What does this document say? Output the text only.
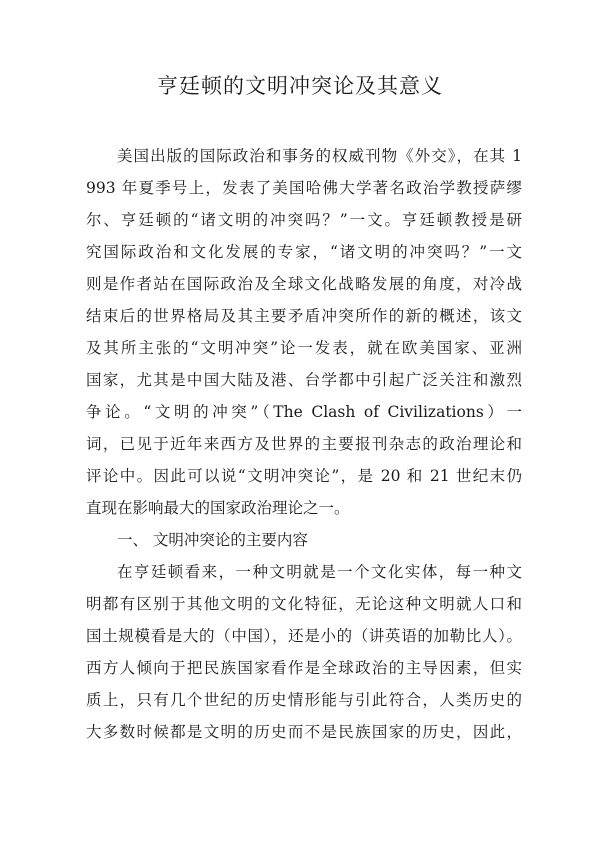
亨廷顿的文明冲突论及其意义
美国出版的国际政治和事务的权威刊物《外交》，在其 1
993 年夏季号上，发表了美国哈佛大学著名政治学教授萨缪
尔、亨廷顿的“诸文明的冲突吗？”一文。亨廷顿教授是研
究国际政治和文化发展的专家，“诸文明的冲突吗？”一文
则是作者站在国际政治及全球文化战略发展的角度，对冷战
结束后的世界格局及其主要矛盾冲突所作的新的概述，该文
及其所主张的“文明冲突”论一发表，就在欧美国家、亚洲
国家，尤其是中国大陆及港、台学都中引起广泛关注和激烈
争论。“文明的冲突”（The Clash of Civilizations）一
词，已见于近年来西方及世界的主要报刊杂志的政治理论和
评论中。因此可以说“文明冲突论”，是 20 和 21 世纪末仍
直现在影响最大的国家政治理论之一。
一、 文明冲突论的主要内容
在亨廷顿看来，一种文明就是一个文化实体，每一种文
明都有区别于其他文明的文化特征，无论这种文明就人口和
国土规模看是大的（中国），还是小的（讲英语的加勒比人）。
西方人倾向于把民族国家看作是全球政治的主导因素，但实
质上，只有几个世纪的历史情形能与引此符合，人类历史的
大多数时候都是文明的历史而不是民族国家的历史，因此，
